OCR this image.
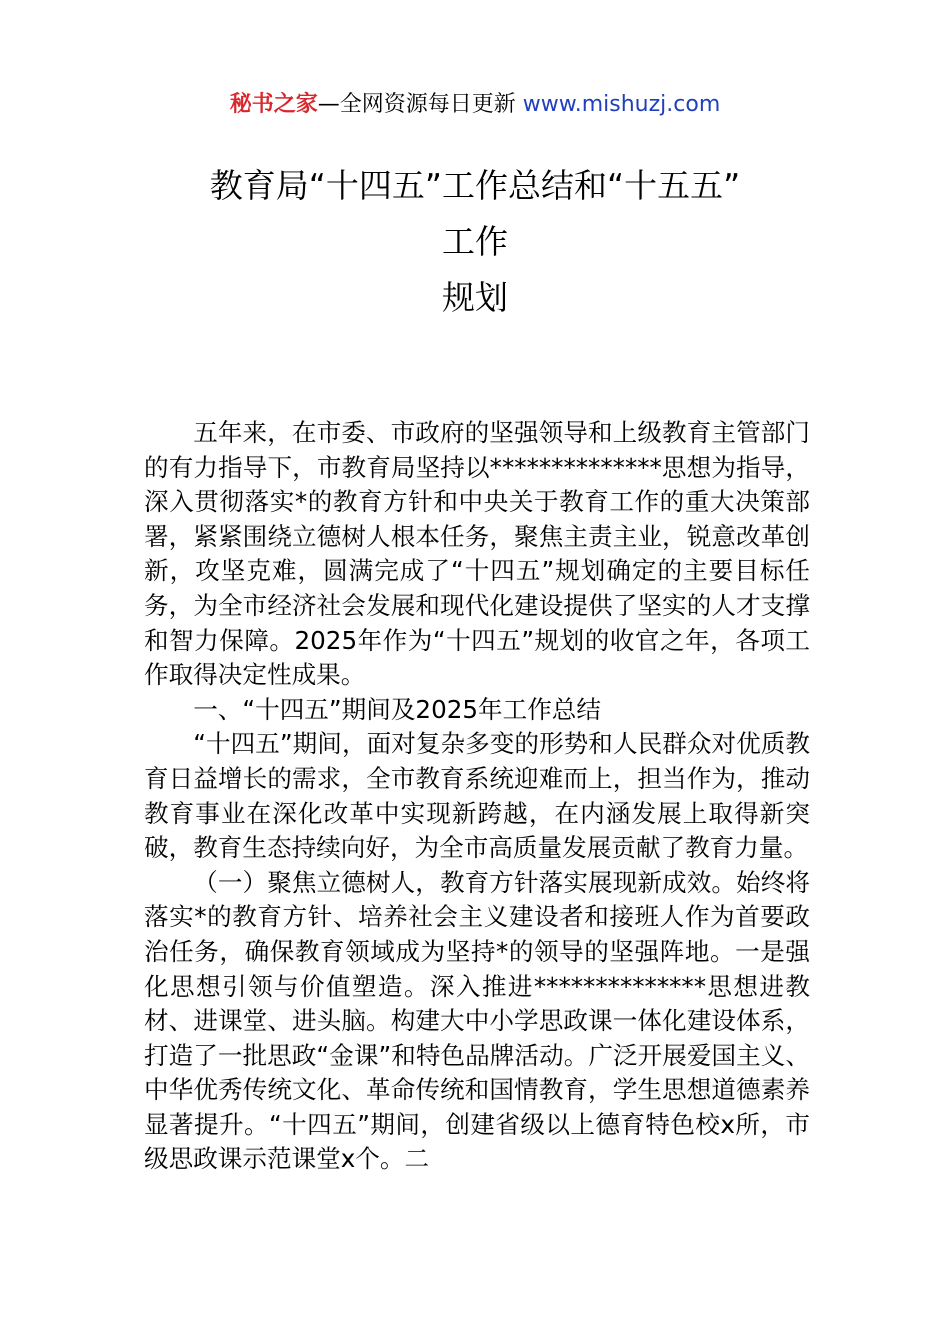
秘书之家—全网资源每日更新 www.mishuzj.com
教育局“十四五”工作总结和“十五五”
工作
规划

五年来，在市委、市政府的坚强领导和上级教育主管部门的有力指导下，市教育局坚持以**************思想为指导，深入贯彻落实*的教育方针和中央关于教育工作的重大决策部署，紧紧围绕立德树人根本任务，聚焦主责主业，锐意改革创新，攻坚克难，圆满完成了“十四五”规划确定的主要目标任务，为全市经济社会发展和现代化建设提供了坚实的人才支撑和智力保障。2025年作为“十四五”规划的收官之年，各项工作取得决定性成果。

一、“十四五”期间及2025年工作总结

“十四五”期间，面对复杂多变的形势和人民群众对优质教育日益增长的需求，全市教育系统迎难而上，担当作为，推动教育事业在深化改革中实现新跨越，在内涵发展上取得新突破，教育生态持续向好，为全市高质量发展贡献了教育力量。

（一）聚焦立德树人，教育方针落实展现新成效。始终将落实*的教育方针、培养社会主义建设者和接班人作为首要政治任务，确保教育领域成为坚持*的领导的坚强阵地。一是强化思想引领与价值塑造。深入推进**************思想进教材、进课堂、进头脑。构建大中小学思政课一体化建设体系，打造了一批思政“金课”和特色品牌活动。广泛开展爱国主义、中华优秀传统文化、革命传统和国情教育，学生思想道德素养显著提升。“十四五”期间，创建省级以上德育特色校x所，市级思政课示范课堂x个。二
